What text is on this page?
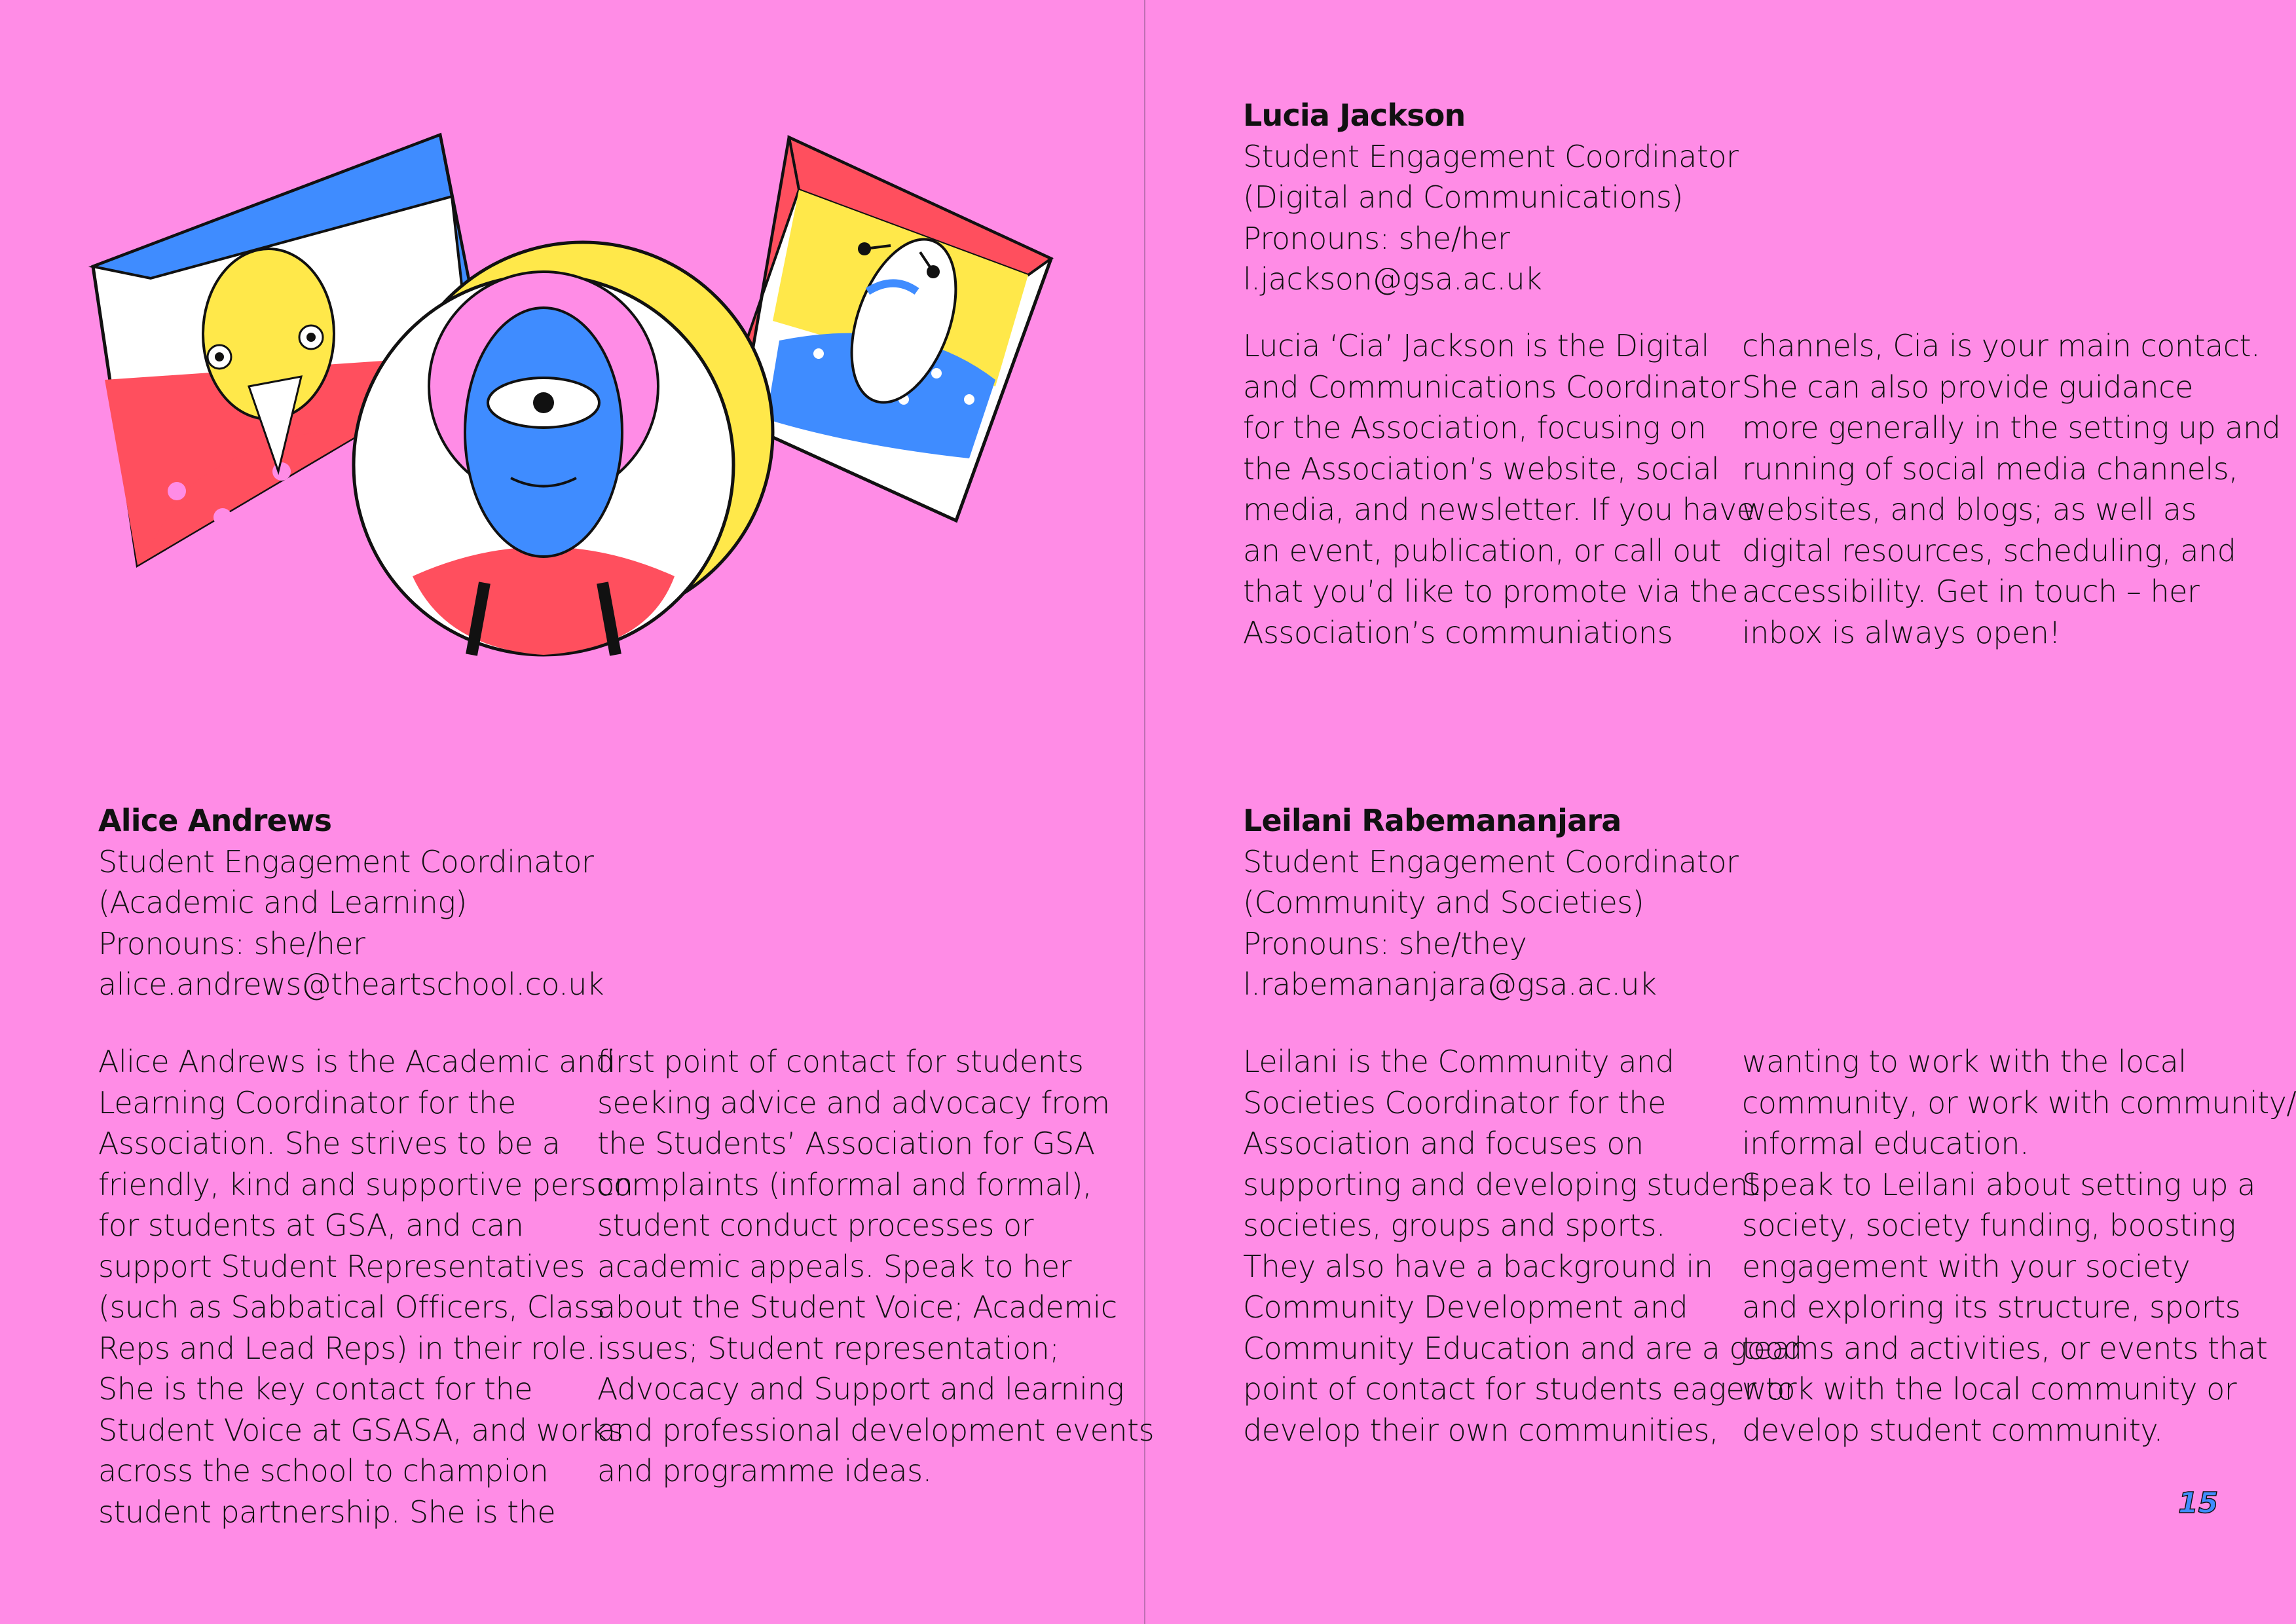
Lucia Jackson
Student Engagement Coordinator
(Digital and Communications)
Pronouns: she/her
l.jackson@gsa.ac.uk
Lucia ‘Cia’ Jackson is the Digital
and Communications Coordinator
for the Association, focusing on
the Association’s website, social
media, and newsletter. If you have
an event, publication, or call out
that you’d like to promote via the
Association’s communiations
channels, Cia is your main contact.
She can also provide guidance
more generally in the setting up and
running of social media channels,
websites, and blogs; as well as
digital resources, scheduling, and
accessibility. Get in touch – her
inbox is always open!
Alice Andrews
Student Engagement Coordinator
(Academic and Learning)
Pronouns: she/her
alice.andrews@theartschool.co.uk
Alice Andrews is the Academic and
Learning Coordinator for the
Association. She strives to be a
friendly, kind and supportive person
for students at GSA, and can
support Student Representatives
(such as Sabbatical Officers, Class
Reps and Lead Reps) in their role.
She is the key contact for the
Student Voice at GSASA, and works
across the school to champion
student partnership. She is the
first point of contact for students
seeking advice and advocacy from
the Students’ Association for GSA
complaints (informal and formal),
student conduct processes or
academic appeals. Speak to her
about the Student Voice; Academic
issues; Student representation;
Advocacy and Support and learning
and professional development events
and programme ideas.
Leilani Rabemananjara
Student Engagement Coordinator
(Community and Societies)
Pronouns: she/they
l.rabemananjara@gsa.ac.uk
Leilani is the Community and
Societies Coordinator for the
Association and focuses on
supporting and developing student
societies, groups and sports.
They also have a background in
Community Development and
Community Education and are a good
point of contact for students eager to
develop their own communities,
wanting to work with the local
community, or work with community/
informal education.
Speak to Leilani about setting up a
society, society funding, boosting
engagement with your society
and exploring its structure, sports
teams and activities, or events that
work with the local community or
develop student community.
15
